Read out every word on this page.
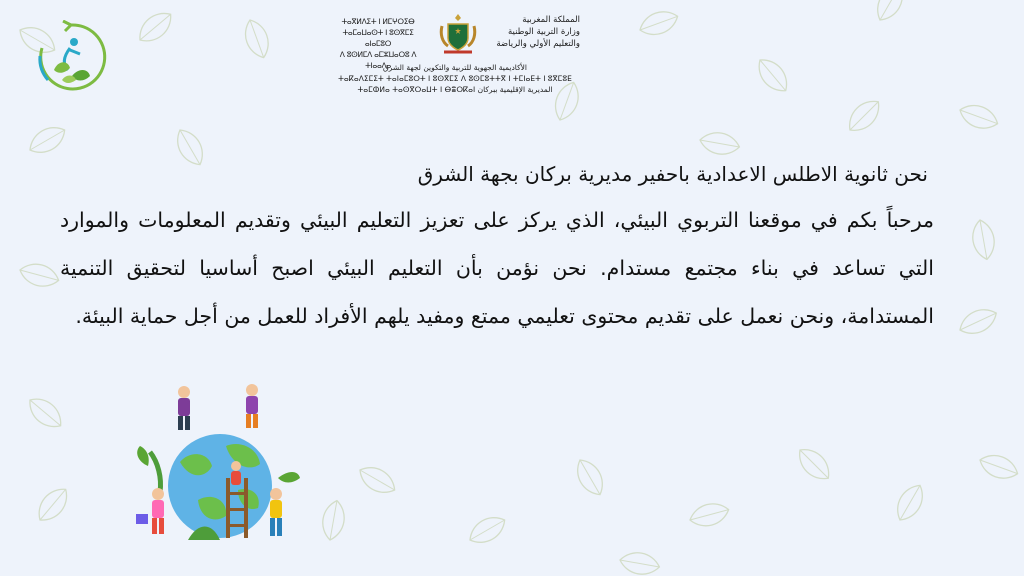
ⵜⴰⴳⵍⴷⵉⵜ ⵏ ⵍⵎⵖⵔⵉⴱ
ⵜⴰⵎⴰⵡⴰⵙⵜ ⵏ ⵓⵙⴳⵎⵉ ⴰⵏⴰⵎⵓⵔ
ⴷ ⵓⵙⵍⵎⴷ ⴰⵎⵣⵡⴰⵔⵓ ⴷ ⵜⵏⴰⴰⴷⴰ
المملكة المغربية
وزارة التربية الوطنية
والتعليم الأولي والرياضة
الأكاديمية الجهوية للتربية والتكوين لجهة الشرق
ⵜⴰⴽⴰⴷⵉⵎⵉⵜ ⵜⴰⵏⴰⵎⵓⵔⵜ ⵏ ⵓⵙⴳⵎⵉ ⴷ ⵓⵙⵎⵓⵜⵜⴳ ⵏ ⵜⵎⵏⴰⴹⵜ ⵏ ⵓⴳⵎⵓⴹ
ⵜⴰⵎⵀⵍⴰ ⵜⴰⵙⴳⵔⴰⵡⵜ ⵏ ⴱⴻⵔⴽⴰⵏ المديرية الإقليمية ببركان

نحن ثانوية الاطلس الاعدادية باحفير مديرية بركان بجهة الشرق

مرحباً بكم في موقعنا التربوي البيئي، الذي يركز على تعزيز التعليم البيئي وتقديم المعلومات والموارد التي تساعد في بناء مجتمع مستدام. نحن نؤمن بأن التعليم البيئي اصبح أساسيا لتحقيق التنمية المستدامة، ونحن نعمل على تقديم محتوى تعليمي ممتع ومفيد يلهم الأفراد للعمل من أجل حماية البيئة.
